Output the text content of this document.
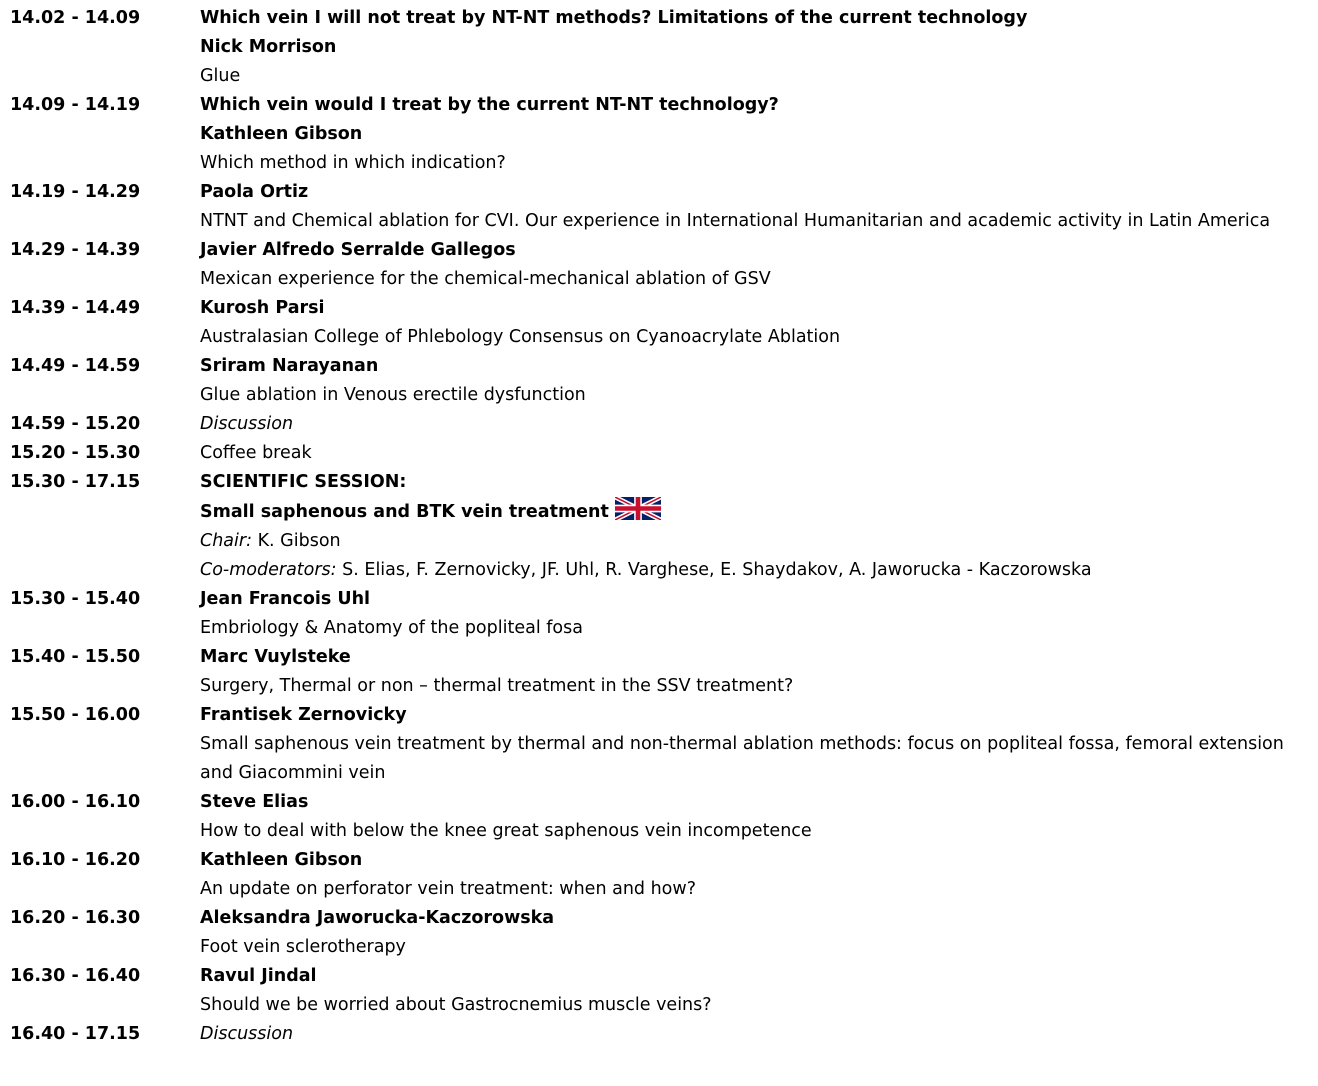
14.02 - 14.09	Which vein I will not treat by NT-NT methods? Limitations of the current technology
Nick Morrison
Glue
14.09 - 14.19	Which vein would I treat by the current NT-NT technology?
Kathleen Gibson
Which method in which indication?
14.19 - 14.29	Paola Ortiz
NTNT and Chemical ablation for CVI. Our experience in International Humanitarian and academic activity in Latin America
14.29 - 14.39	Javier Alfredo Serralde Gallegos
Mexican experience for the chemical-mechanical ablation of GSV
14.39 - 14.49	Kurosh Parsi
Australasian College of Phlebology Consensus on Cyanoacrylate Ablation
14.49 - 14.59	Sriram Narayanan
Glue ablation in Venous erectile dysfunction
14.59 - 15.20	Discussion
15.20 - 15.30	Coffee break
15.30 - 17.15	SCIENTIFIC SESSION:
Small saphenous and BTK vein treatment
Chair: K. Gibson
Co-moderators: S. Elias, F. Zernovicky, JF. Uhl, R. Varghese, E. Shaydakov, A. Jaworucka - Kaczorowska
15.30 - 15.40	Jean Francois Uhl
Embriology & Anatomy of the popliteal fosa
15.40 - 15.50	Marc Vuylsteke
Surgery, Thermal or non – thermal treatment in the SSV treatment?
15.50 - 16.00	Frantisek Zernovicky
Small saphenous vein treatment by thermal and non-thermal ablation methods: focus on popliteal fossa, femoral extension and Giacommini vein
16.00 - 16.10	Steve Elias
How to deal with below the knee great saphenous vein incompetence
16.10 - 16.20	Kathleen Gibson
An update on perforator vein treatment: when and how?
16.20 - 16.30	Aleksandra Jaworucka-Kaczorowska
Foot vein sclerotherapy
16.30 - 16.40	Ravul Jindal
Should we be worried about Gastrocnemius muscle veins?
16.40 - 17.15	Discussion
